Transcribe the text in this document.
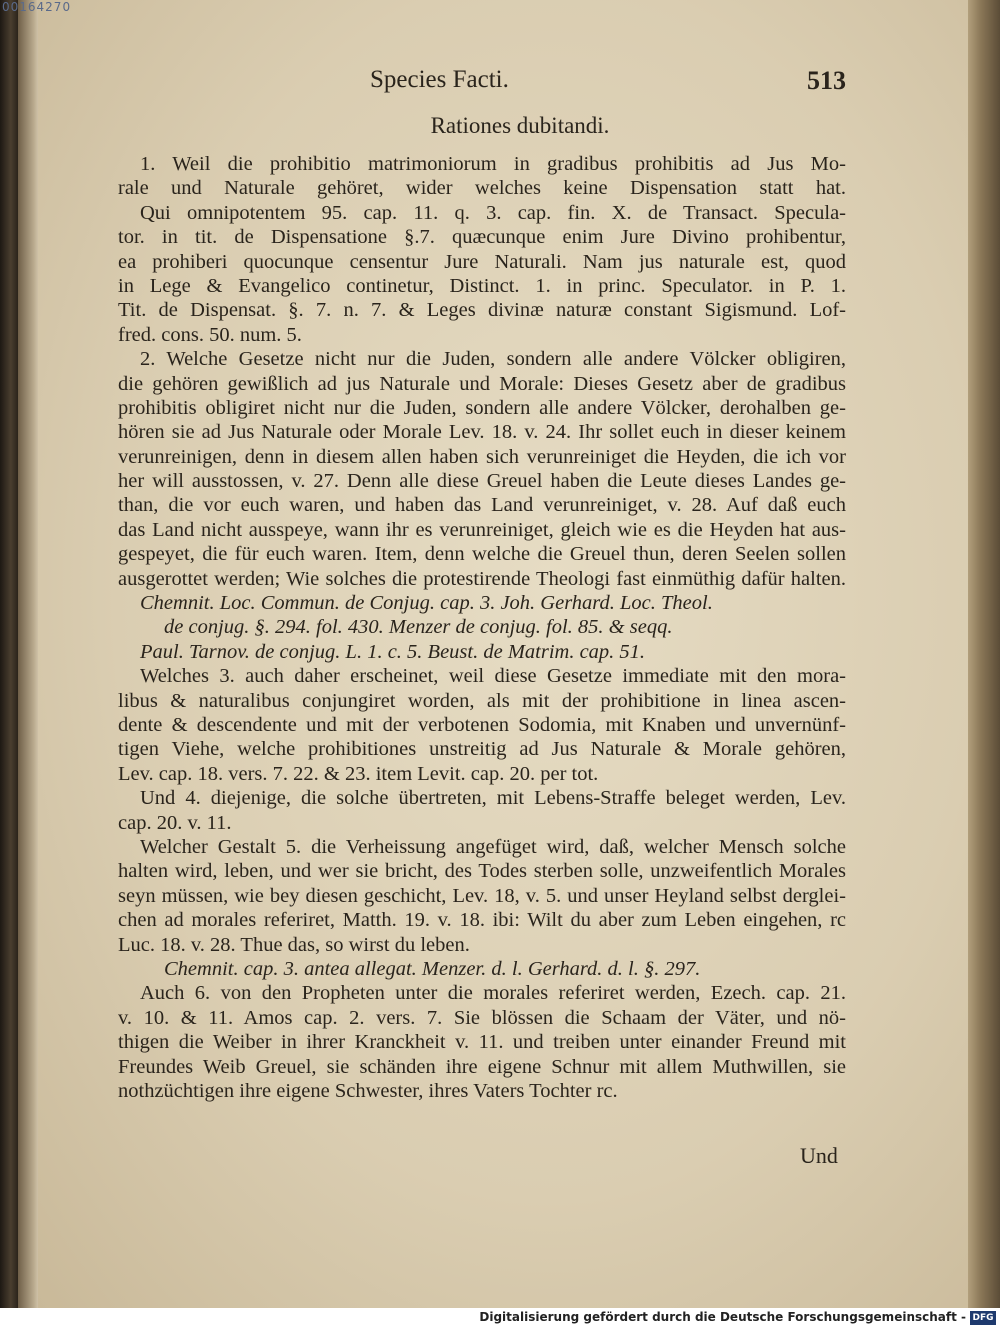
00164270
Species Facti.	513
Rationes dubitandi.
1. Weil die prohibitio matrimoniorum in gradibus prohibitis ad Jus Mo-
rale und Naturale gehöret, wider welches keine Dispensation statt hat.
Qui omnipotentem 95. cap. 11. q. 3. cap. fin. X. de Transact. Specula-
tor. in tit. de Dispensatione §.7. quæcunque enim Jure Divino prohibentur,
ea prohiberi quocunque censentur Jure Naturali. Nam jus naturale est, quod
in Lege & Evangelico continetur, Distinct. 1. in princ. Speculator. in P. 1.
Tit. de Dispensat. §. 7. n. 7. & Leges divinæ naturæ constant Sigismund. Lof-
fred. cons. 50. num. 5.
2. Welche Gesetze nicht nur die Juden, sondern alle andere Völcker obligiren,
die gehören gewißlich ad jus Naturale und Morale: Dieses Gesetz aber de gradibus
prohibitis obligiret nicht nur die Juden, sondern alle andere Völcker, derohalben ge-
hören sie ad Jus Naturale oder Morale Lev. 18. v. 24. Ihr sollet euch in dieser keinem
verunreinigen, denn in diesem allen haben sich verunreiniget die Heyden, die ich vor
her will ausstossen, v. 27. Denn alle diese Greuel haben die Leute dieses Landes ge-
than, die vor euch waren, und haben das Land verunreiniget, v. 28. Auf daß euch
das Land nicht ausspeye, wann ihr es verunreiniget, gleich wie es die Heyden hat aus-
gespeyet, die für euch waren. Item, denn welche die Greuel thun, deren Seelen sollen
ausgerottet werden; Wie solches die protestirende Theologi fast einmüthig dafür halten.
Chemnit. Loc. Commun. de Conjug. cap. 3. Joh. Gerhard. Loc. Theol.
de conjug. §. 294. fol. 430. Menzer de conjug. fol. 85. & seqq.
Paul. Tarnov. de conjug. L. 1. c. 5. Beust. de Matrim. cap. 51.
Welches 3. auch daher erscheinet, weil diese Gesetze immediate mit den mora-
libus & naturalibus conjungiret worden, als mit der prohibitione in linea ascen-
dente & descendente und mit der verbotenen Sodomia, mit Knaben und unvernünf-
tigen Viehe, welche prohibitiones unstreitig ad Jus Naturale & Morale gehören,
Lev. cap. 18. vers. 7. 22. & 23. item Levit. cap. 20. per tot.
Und 4. diejenige, die solche übertreten, mit Lebens-Straffe beleget werden, Lev.
cap. 20. v. 11.
Welcher Gestalt 5. die Verheissung angefüget wird, daß, welcher Mensch solche
halten wird, leben, und wer sie bricht, des Todes sterben solle, unzweifentlich Morales
seyn müssen, wie bey diesen geschicht, Lev. 18, v. 5. und unser Heyland selbst derglei-
chen ad morales referiret, Matth. 19. v. 18. ibi: Wilt du aber zum Leben eingehen, rc
Luc. 18. v. 28. Thue das, so wirst du leben.
Chemnit. cap. 3. antea allegat. Menzer. d. l. Gerhard. d. l. §. 297.
Auch 6. von den Propheten unter die morales referiret werden, Ezech. cap. 21.
v. 10. & 11. Amos cap. 2. vers. 7. Sie blössen die Schaam der Väter, und nö-
thigen die Weiber in ihrer Kranckheit v. 11. und treiben unter einander Freund mit
Freundes Weib Greuel, sie schänden ihre eigene Schnur mit allem Muthwillen, sie
nothzüchtigen ihre eigene Schwester, ihres Vaters Tochter rc.
Und
Digitalisierung gefördert durch die Deutsche Forschungsgemeinschaft - DFG
